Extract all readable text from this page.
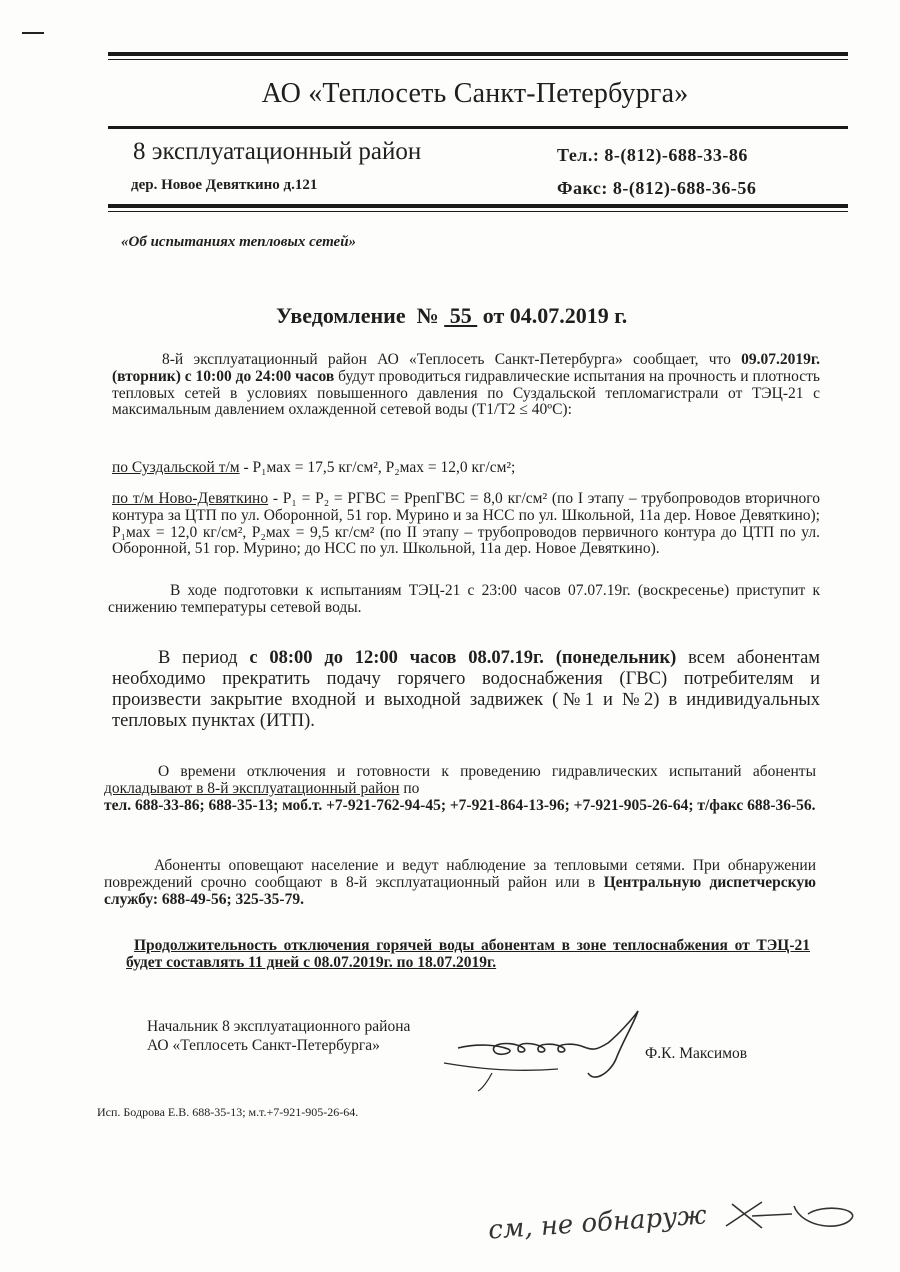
АО «Теплосеть Санкт-Петербурга»
8 эксплуатационный район
дер. Новое Девяткино д.121
Тел.: 8-(812)-688-33-86
Факс: 8-(812)-688-36-56
«Об испытаниях тепловых сетей»
Уведомление  №  55  от 04.07.2019 г.

8-й эксплуатационный район АО «Теплосеть Санкт-Петербурга» сообщает, что 09.07.2019г. (вторник) с 10:00 до 24:00 часов будут проводиться гидравлические испытания на прочность и плотность тепловых сетей в условиях повышенного давления по Суздальской тепломагистрали от ТЭЦ-21 с максимальным давлением охлажденной сетевой воды (Т1/Т2 ≤ 40ºС):

по Суздальской т/м - P₁мах = 17,5 кг/см², P₂мах = 12,0 кг/см²;

по т/м Ново-Девяткино - P₁ = P₂ = PГВС = PрепГВС = 8,0 кг/см² (по I этапу – трубопроводов вторичного контура за ЦТП по ул. Оборонной, 51 гор. Мурино и за НСС по ул. Школьной, 11а дер. Новое Девяткино); P₁мах = 12,0 кг/см², P₂мах = 9,5 кг/см² (по II этапу – трубопроводов первичного контура до ЦТП по ул. Оборонной, 51 гор. Мурино; до НСС по ул. Школьной, 11а дер. Новое Девяткино).

В ходе подготовки к испытаниям ТЭЦ-21 с 23:00 часов 07.07.19г. (воскресенье) приступит к снижению температуры сетевой воды.

В период с 08:00 до 12:00 часов 08.07.19г. (понедельник) всем абонентам необходимо прекратить подачу горячего водоснабжения (ГВС) потребителям и произвести закрытие входной и выходной задвижек (№1 и №2) в индивидуальных тепловых пунктах (ИТП).

О времени отключения и готовности к проведению гидравлических испытаний абоненты докладывают в 8-й эксплуатационный район по
тел. 688-33-86; 688-35-13; моб.т. +7-921-762-94-45; +7-921-864-13-96; +7-921-905-26-64; т/факс 688-36-56.

Абоненты оповещают население и ведут наблюдение за тепловыми сетями. При обнаружении повреждений срочно сообщают в 8-й эксплуатационный район или в Центральную диспетчерскую службу: 688-49-56; 325-35-79.

Продолжительность отключения горячей воды абонентам в зоне теплоснабжения от ТЭЦ-21 будет составлять 11 дней с 08.07.2019г. по 18.07.2019г.

Начальник 8 эксплуатационного района
АО «Теплосеть Санкт-Петербурга»	Ф.К. Максимов
Исп. Бодрова Е.В. 688-35-13; м.т.+7-921-905-26-64.
см, не обнаруж
